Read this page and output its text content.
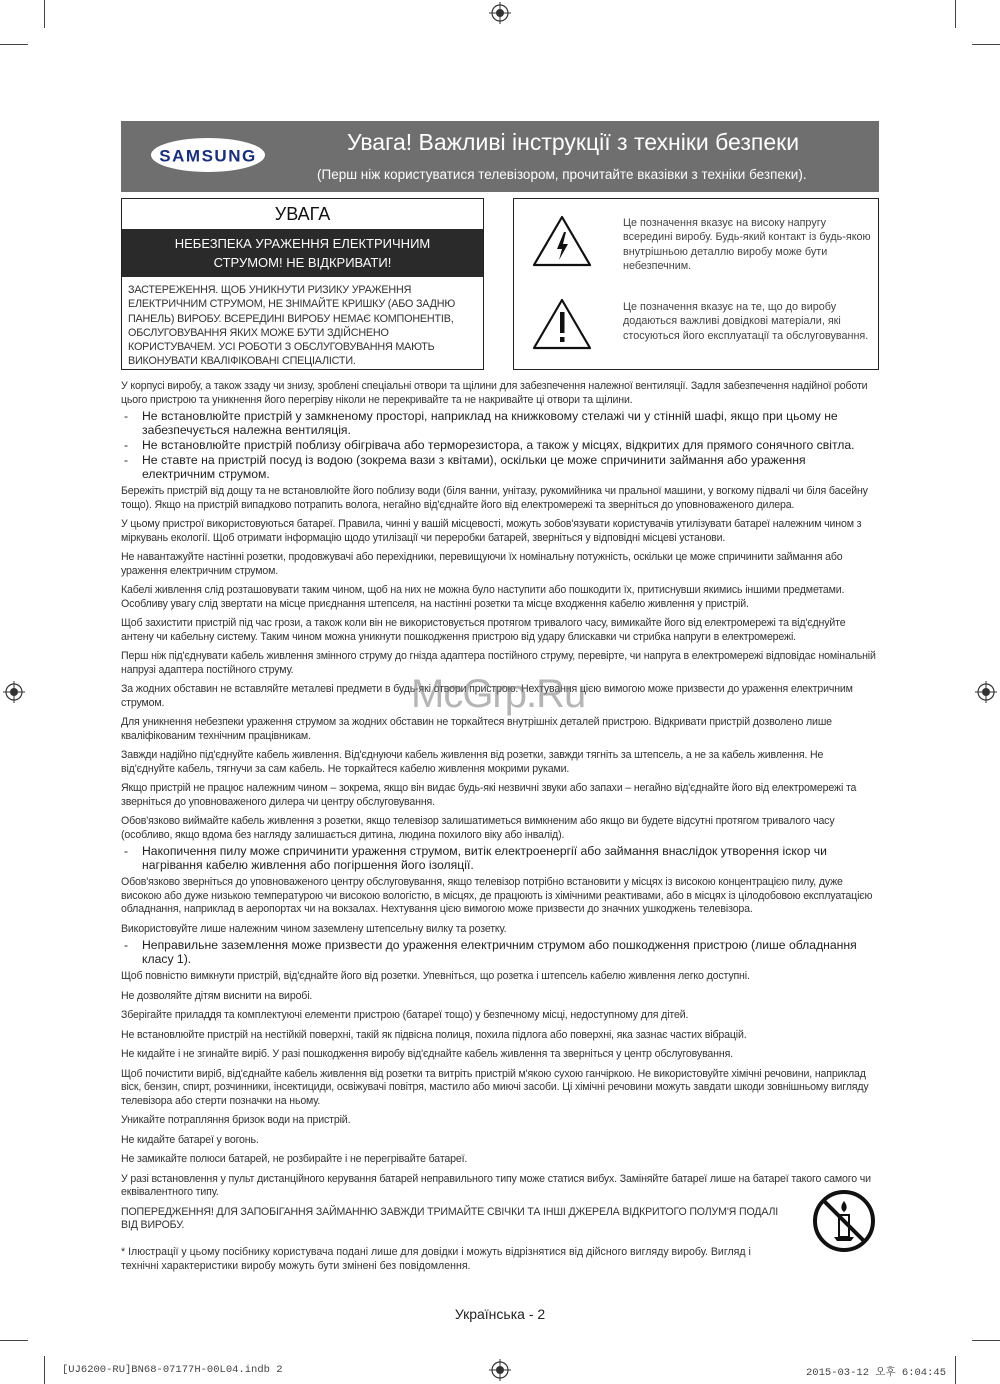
SAMSUNG
Увага! Важливі інструкції з техніки безпеки
(Перш ніж користуватися телевізором, прочитайте вказівки з техніки безпеки).
УВАГА
НЕБЕЗПЕКА УРАЖЕННЯ ЕЛЕКТРИЧНИМ
СТРУМОМ! НЕ ВІДКРИВАТИ!
ЗАСТЕРЕЖЕННЯ. ЩОБ УНИКНУТИ РИЗИКУ УРАЖЕННЯ ЕЛЕКТРИЧНИМ СТРУМОМ, НЕ ЗНІМАЙТЕ КРИШКУ (АБО ЗАДНЮ ПАНЕЛЬ) ВИРОБУ. ВСЕРЕДИНІ ВИРОБУ НЕМАЄ КОМПОНЕНТІВ, ОБСЛУГОВУВАННЯ ЯКИХ МОЖЕ БУТИ ЗДІЙСНЕНО КОРИСТУВАЧЕМ. УСІ РОБОТИ З ОБСЛУГОВУВАННЯ МАЮТЬ ВИКОНУВАТИ КВАЛІФІКОВАНІ СПЕЦІАЛІСТИ.
Це позначення вказує на високу напругу всередині виробу. Будь-який контакт із будь-якою внутрішньою деталлю виробу може бути небезпечним.
Це позначення вказує на те, що до виробу додаються важливі довідкові матеріали, які стосуються його експлуатації та обслуговування.

У корпусі виробу, а також ззаду чи знизу, зроблені спеціальні отвори та щілини для забезпечення належної вентиляції. Задля забезпечення надійної роботи цього пристрою та уникнення його перегріву ніколи не перекривайте та не накривайте ці отвори та щілини.

- Не встановлюйте пристрій у замкненому просторі, наприклад на книжковому стелажі чи у стінній шафі, якщо при цьому не забезпечується належна вентиляція.
- Не встановлюйте пристрій поблизу обігрівача або терморезистора, а також у місцях, відкритих для прямого сонячного світла.
- Не ставте на пристрій посуд із водою (зокрема вази з квітами), оскільки це може спричинити займання або ураження електричним струмом.

Бережіть пристрій від дощу та не встановлюйте його поблизу води (біля ванни, унітазу, рукомийника чи пральної машини, у вогкому підвалі чи біля басейну тощо). Якщо на пристрій випадково потрапить волога, негайно від'єднайте його від електромережі та зверніться до уповноваженого дилера.

У цьому пристрої використовуються батареї. Правила, чинні у вашій місцевості, можуть зобов'язувати користувачів утилізувати батареї належним чином з міркувань екології. Щоб отримати інформацію щодо утилізації чи переробки батарей, зверніться у відповідні місцеві установи.

Не навантажуйте настінні розетки, продовжувачі або перехідники, перевищуючи їх номінальну потужність, оскільки це може спричинити займання або ураження електричним струмом.

Кабелі живлення слід розташовувати таким чином, щоб на них не можна було наступити або пошкодити їх, притиснувши якимись іншими предметами. Особливу увагу слід звертати на місце приєднання штепселя, на настінні розетки та місце входження кабелю живлення у пристрій.

Щоб захистити пристрій під час грози, а також коли він не використовується протягом тривалого часу, вимикайте його від електромережі та від'єднуйте антену чи кабельну систему. Таким чином можна уникнути пошкодження пристрою від удару блискавки чи стрибка напруги в електромережі.

Перш ніж під'єднувати кабель живлення змінного струму до гнізда адаптера постійного струму, перевірте, чи напруга в електромережі відповідає номінальній напрузі адаптера постійного струму.

За жодних обставин не вставляйте металеві предмети в будь-які отвори пристрою. Нехтування цією вимогою може призвести до ураження електричним струмом.

Для уникнення небезпеки ураження струмом за жодних обставин не торкайтеся внутрішніх деталей пристрою. Відкривати пристрій дозволено лише кваліфікованим технічним працівникам.

Завжди надійно під'єднуйте кабель живлення. Від'єднуючи кабель живлення від розетки, завжди тягніть за штепсель, а не за кабель живлення. Не від'єднуйте кабель, тягнучи за сам кабель. Не торкайтеся кабелю живлення мокрими руками.

Якщо пристрій не працює належним чином – зокрема, якщо він видає будь-які незвичні звуки або запахи – негайно від'єднайте його від електромережі та зверніться до уповноваженого дилера чи центру обслуговування.

Обов'язково виймайте кабель живлення з розетки, якщо телевізор залишатиметься вимкненим або якщо ви будете відсутні протягом тривалого часу (особливо, якщо вдома без нагляду залишається дитина, людина похилого віку або інвалід).

- Накопичення пилу може спричинити ураження струмом, витік електроенергії або займання внаслідок утворення іскор чи нагрівання кабелю живлення або погіршення його ізоляції.

Обов'язково зверніться до уповноваженого центру обслуговування, якщо телевізор потрібно встановити у місцях із високою концентрацією пилу, дуже високою або дуже низькою температурою чи високою вологістю, в місцях, де працюють із хімічними реактивами, або в місцях із цілодобовою експлуатацією обладнання, наприклад в аеропортах чи на вокзалах. Нехтування цією вимогою може призвести до значних ушкоджень телевізора.

Використовуйте лише належним чином заземлену штепсельну вилку та розетку.

- Неправильне заземлення може призвести до ураження електричним струмом або пошкодження пристрою (лише обладнання класу 1).

Щоб повністю вимкнути пристрій, від'єднайте його від розетки. Упевніться, що розетка і штепсель кабелю живлення легко доступні.

Не дозволяйте дітям виснити на виробі.

Зберігайте приладдя та комплектуючі елементи пристрою (батареї тощо) у безпечному місці, недоступному для дітей.

Не встановлюйте пристрій на нестійкій поверхні, такій як підвісна полиця, похила підлога або поверхні, яка зазнає частих вібрацій.

Не кидайте і не згинайте виріб. У разі пошкодження виробу від'єднайте кабель живлення та зверніться у центр обслуговування.

Щоб почистити виріб, від'єднайте кабель живлення від розетки та витріть пристрій м'якою сухою ганчіркою. Не використовуйте хімічні речовини, наприклад віск, бензин, спирт, розчинники, інсектициди, освіжувачі повітря, мастило або миючі засоби. Ці хімічні речовини можуть завдати шкоди зовнішньому вигляду телевізора або стерти позначки на ньому.

Уникайте потрапляння бризок води на пристрій.

Не кидайте батареї у вогонь.

Не замикайте полюси батарей, не розбирайте і не перегрівайте батареї.

У разі встановлення у пульт дистанційного керування батарей неправильного типу може статися вибух. Заміняйте батареї лише на батареї такого самого чи еквівалентного типу.

ПОПЕРЕДЖЕННЯ! ДЛЯ ЗАПОБІГАННЯ ЗАЙМАННЮ ЗАВЖДИ ТРИМАЙТЕ СВІЧКИ ТА ІНШІ ДЖЕРЕЛА ВІДКРИТОГО ПОЛУМ'Я ПОДАЛІ ВІД ВИРОБУ.

* Ілюстрації у цьому посібнику користувача подані лише для довідки і можуть відрізнятися від дійсного вигляду виробу. Вигляд і технічні характеристики виробу можуть бути змінені без повідомлення.
Українська - 2
[UJ6200-RU]BN68-07177H-00L04.indb 2	2015-03-12 오후 6:04:45
McGrp.Ru
